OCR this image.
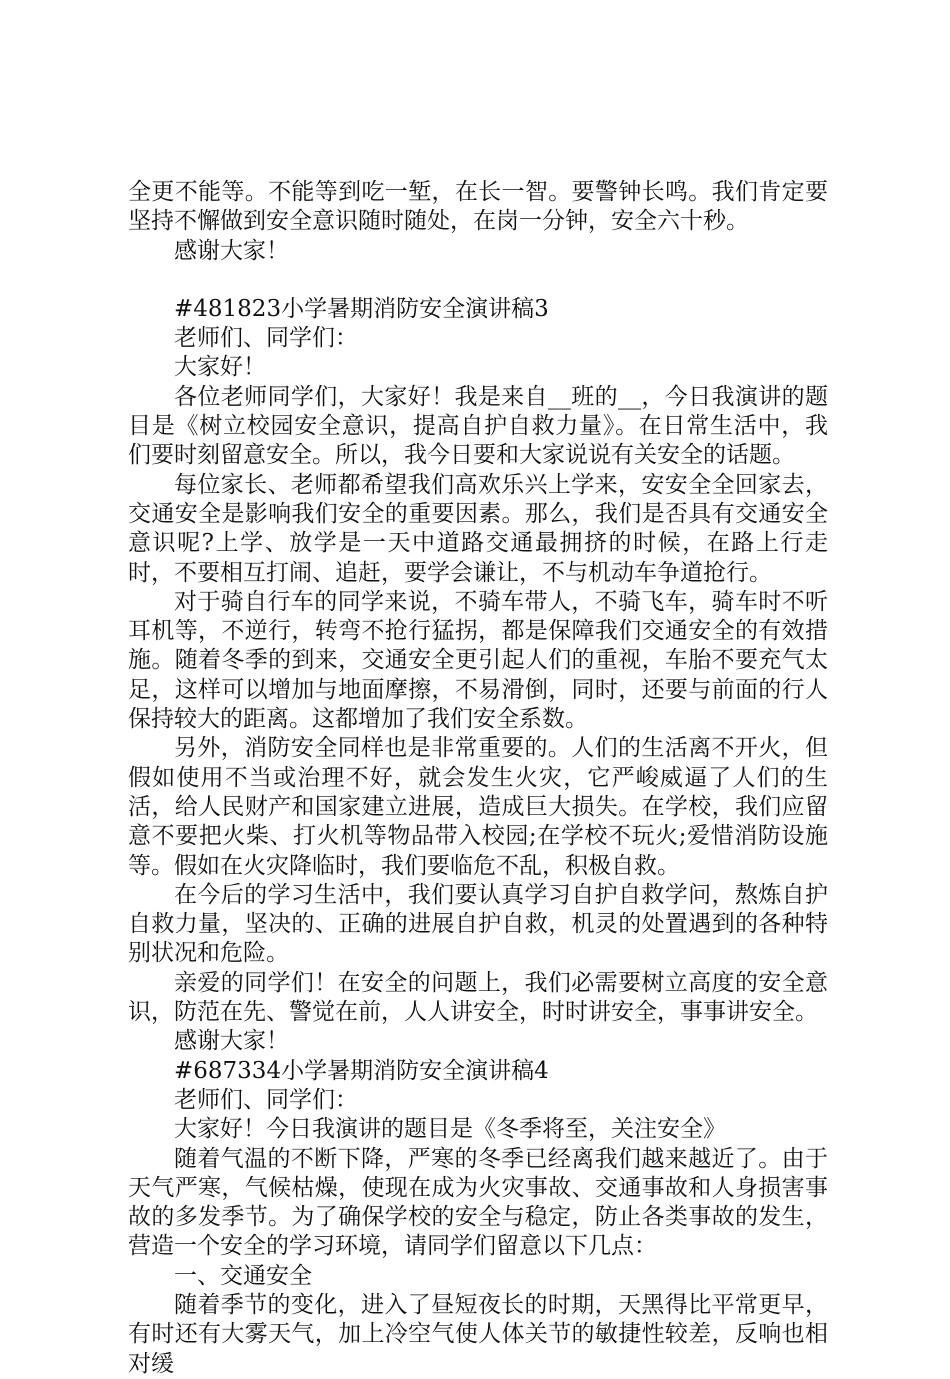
全更不能等。不能等到吃一堑，在长一智。要警钟长鸣。我们肯定要坚持不懈做到安全意识随时随处，在岗一分钟，安全六十秒。

感谢大家！

#481823小学暑期消防安全演讲稿3

老师们、同学们：

大家好！

各位老师同学们，大家好！我是来自__班的__，今日我演讲的题目是《树立校园安全意识，提高自护自救力量》。在日常生活中，我们要时刻留意安全。所以，我今日要和大家说说有关安全的话题。

每位家长、老师都希望我们高欢乐兴上学来，安安全全回家去，交通安全是影响我们安全的重要因素。那么，我们是否具有交通安全意识呢?上学、放学是一天中道路交通最拥挤的时候，在路上行走时，不要相互打闹、追赶，要学会谦让，不与机动车争道抢行。

对于骑自行车的同学来说，不骑车带人，不骑飞车，骑车时不听耳机等，不逆行，转弯不抢行猛拐，都是保障我们交通安全的有效措施。随着冬季的到来，交通安全更引起人们的重视，车胎不要充气太足，这样可以增加与地面摩擦，不易滑倒，同时，还要与前面的行人保持较大的距离。这都增加了我们安全系数。

另外，消防安全同样也是非常重要的。人们的生活离不开火，但假如使用不当或治理不好，就会发生火灾，它严峻威逼了人们的生活，给人民财产和国家建立进展，造成巨大损失。在学校，我们应留意不要把火柴、打火机等物品带入校园;在学校不玩火;爱惜消防设施等。假如在火灾降临时，我们要临危不乱，积极自救。

在今后的学习生活中，我们要认真学习自护自救学问，熬炼自护自救力量，坚决的、正确的进展自护自救，机灵的处置遇到的各种特别状况和危险。

亲爱的同学们！在安全的问题上，我们必需要树立高度的安全意识，防范在先、警觉在前，人人讲安全，时时讲安全，事事讲安全。

感谢大家！

#687334小学暑期消防安全演讲稿4

老师们、同学们：

大家好！今日我演讲的题目是《冬季将至，关注安全》

随着气温的不断下降，严寒的冬季已经离我们越来越近了。由于天气严寒，气候枯燥，使现在成为火灾事故、交通事故和人身损害事故的多发季节。为了确保学校的安全与稳定，防止各类事故的发生，营造一个安全的学习环境，请同学们留意以下几点：

一、交通安全

随着季节的变化，进入了昼短夜长的时期，天黑得比平常更早，有时还有大雾天气，加上冷空气使人体关节的敏捷性较差，反响也相对缓
